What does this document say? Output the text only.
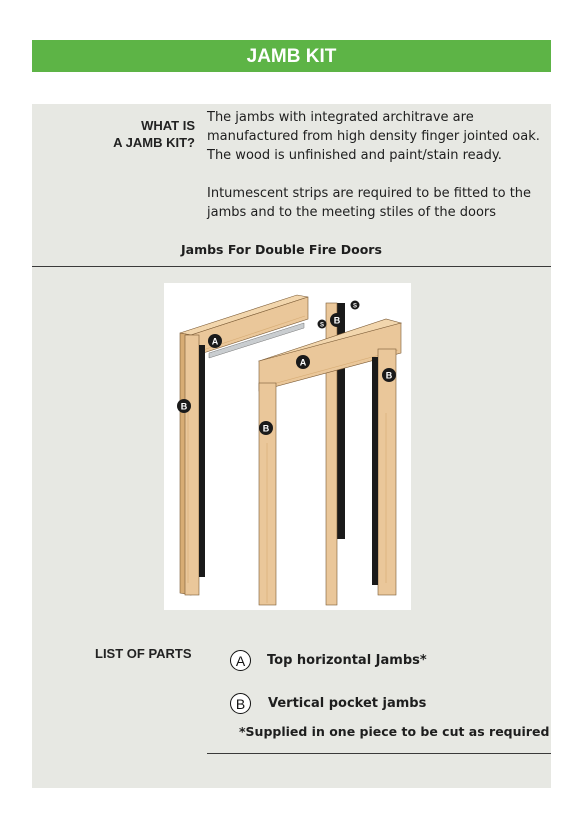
JAMB KIT
WHAT IS
A JAMB KIT?

The jambs with integrated architrave are manufactured from high density finger jointed oak. The wood is unfinished and paint/stain ready.

Intumescent strips are required to be fitted to the jambs and to the meeting stiles of the doors

Jambs For Double Fire Doors
A
A
B
B
B
B
S
S
LIST OF PARTS	A	Top horizontal Jambs*
B	Vertical pocket jambs
*Supplied in one piece to be cut as required
